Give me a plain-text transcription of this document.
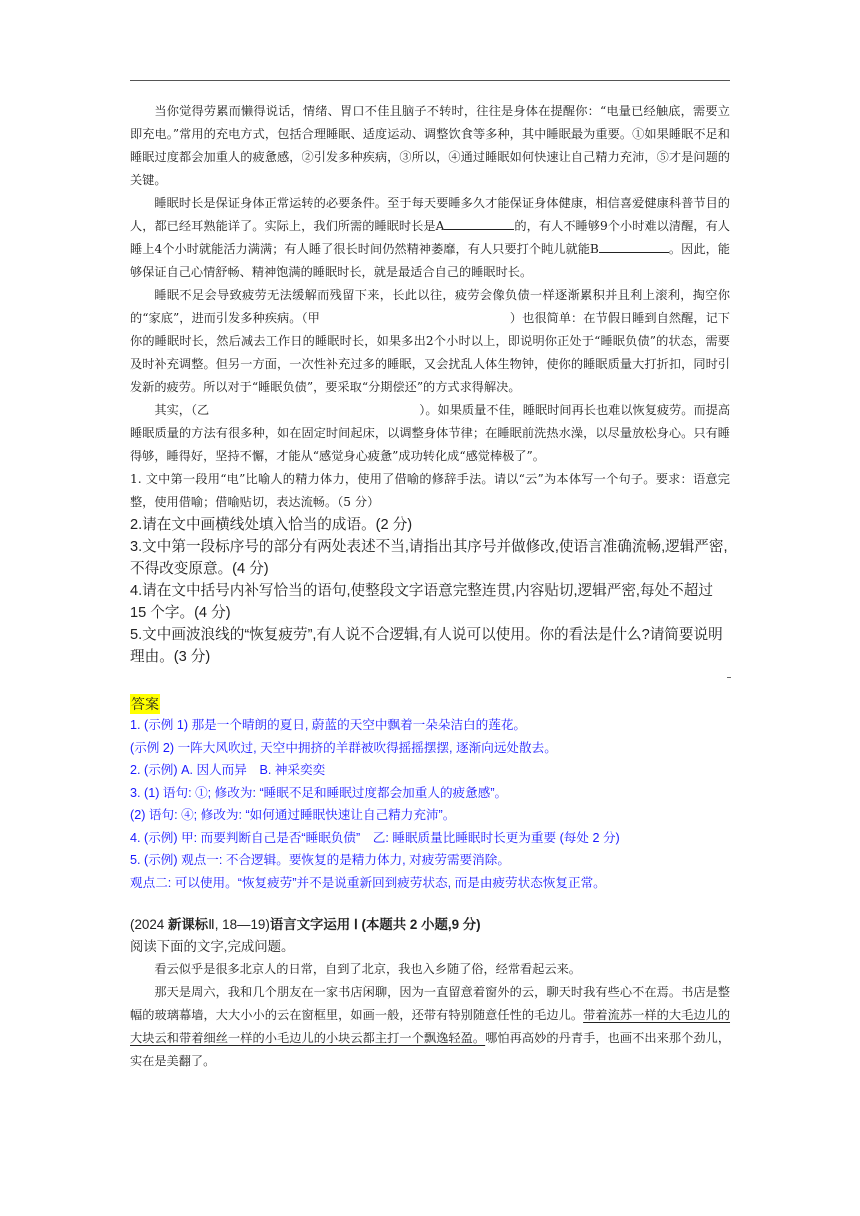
当你觉得劳累而懒得说话，情绪、胃口不佳且脑子不转时，往往是身体在提醒你：“电量已经触底，需要立即充电。”常用的充电方式，包括合理睡眠、适度运动、调整饮食等多种，其中睡眠最为重要。①如果睡眠不足和睡眠过度都会加重人的疲惫感，②引发多种疾病，③所以，④通过睡眠如何快速让自己精力充沛，⑤才是问题的关键。

睡眠时长是保证身体正常运转的必要条件。至于每天要睡多久才能保证身体健康，相信喜爱健康科普节目的人，都已经耳熟能详了。实际上，我们所需的睡眠时长是A	的，有人不睡够9个小时难以清醒，有人睡上4个小时就能活力满满；有人睡了很长时间仍然精神萎靡，有人只要打个盹儿就能B	。因此，能够保证自己心情舒畅、精神饱满的睡眠时长，就是最适合自己的睡眠时长。

睡眠不足会导致疲劳无法缓解而残留下来，长此以往，疲劳会像负债一样逐渐累积并且利上滚利，掏空你的“家底”，进而引发多种疾病。（甲	）也很简单：在节假日睡到自然醒，记下你的睡眠时长，然后减去工作日的睡眠时长，如果多出2个小时以上，即说明你正处于“睡眠负债”的状态，需要及时补充调整。但另一方面，一次性补充过多的睡眠，又会扰乱人体生物钟，使你的睡眠质量大打折扣，同时引发新的疲劳。所以对于“睡眠负债”，要采取“分期偿还”的方式求得解决。

其实，（乙	）。如果质量不佳，睡眠时间再长也难以恢复疲劳。而提高睡眠质量的方法有很多种，如在固定时间起床，以调整身体节律；在睡眠前洗热水澡，以尽量放松身心。只有睡得够，睡得好，坚持不懈，才能从“感觉身心疲惫”成功转化成“感觉棒极了”。

1. 文中第一段用“电”比喻人的精力体力，使用了借喻的修辞手法。请以“云”为本体写一个句子。要求：语意完整，使用借喻；借喻贴切，表达流畅。（5 分）

2.请在文中画横线处填入恰当的成语。(2 分)

3.文中第一段标序号的部分有两处表述不当,请指出其序号并做修改,使语言准确流畅,逻辑严密,不得改变原意。(4 分)

4.请在文中括号内补写恰当的语句,使整段文字语意完整连贯,内容贴切,逻辑严密,每处不超过 15 个字。(4 分)

5.文中画波浪线的“恢复疲劳”,有人说不合逻辑,有人说可以使用。你的看法是什么?请简要说明理由。(3 分)

答案

1. (示例 1) 那是一个晴朗的夏日, 蔚蓝的天空中飘着一朵朵洁白的莲花。

(示例 2) 一阵大风吹过, 天空中拥挤的羊群被吹得摇摇摆摆, 逐渐向远处散去。

2. (示例) A. 因人而异　B. 神采奕奕

3. (1) 语句: ①; 修改为: “睡眠不足和睡眠过度都会加重人的疲惫感”。

(2) 语句: ④; 修改为: “如何通过睡眠快速让自己精力充沛”。

4. (示例) 甲: 而要判断自己是否“睡眠负债”　乙: 睡眠质量比睡眠时长更为重要 (每处 2 分)

5. (示例) 观点一: 不合逻辑。要恢复的是精力体力, 对疲劳需要消除。

观点二: 可以使用。“恢复疲劳”并不是说重新回到疲劳状态, 而是由疲劳状态恢复正常。

(2024 新课标Ⅱ, 18—19)语言文字运用 Ⅰ (本题共 2 小题,9 分)

阅读下面的文字,完成问题。

看云似乎是很多北京人的日常，自到了北京，我也入乡随了俗，经常看起云来。

那天是周六，我和几个朋友在一家书店闲聊，因为一直留意着窗外的云，聊天时我有些心不在焉。书店是整幅的玻璃幕墙，大大小小的云在窗框里，如画一般，还带有特别随意任性的毛边儿。带着流苏一样的大毛边儿的大块云和带着细丝一样的小毛边儿的小块云都主打一个飘逸轻盈。哪怕再高妙的丹青手，也画不出来那个劲儿，实在是美翻了。
